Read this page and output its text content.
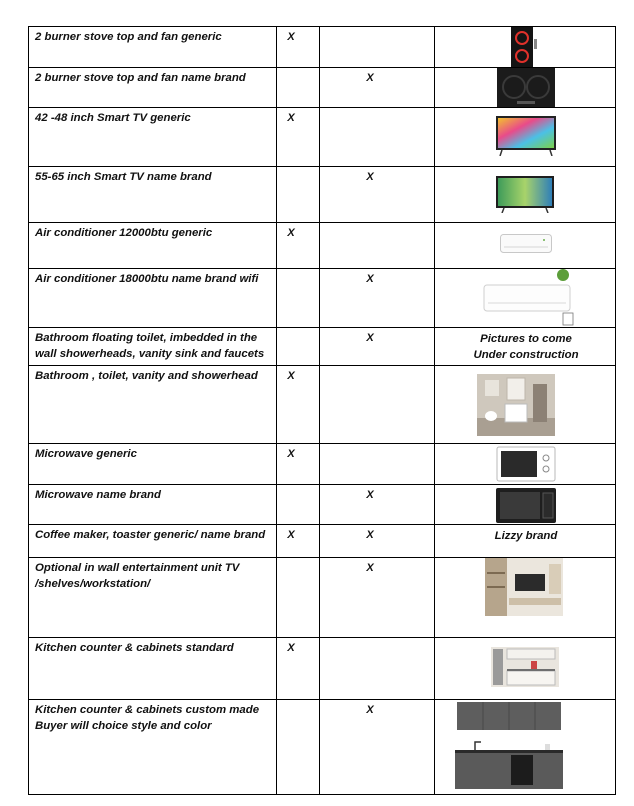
2 burner stove top and fan generic	X		

2 burner stove top and fan name brand		X	

42 -48 inch Smart TV generic	X		

55-65 inch Smart TV name brand		X	

Air conditioner 12000btu generic	X		

Air conditioner 18000btu name brand wifi		X	

Bathroom floating toilet, imbedded in the wall showerheads, vanity sink and faucets		X	Pictures to come Under construction

Bathroom , toilet, vanity and showerhead	X		

Microwave generic	X		

Microwave name brand		X	

Coffee maker, toaster generic/ name brand	X	X	Lizzy brand

Optional in wall entertainment unit TV /shelves/workstation/		X	

Kitchen counter & cabinets standard	X		

Kitchen counter & cabinets custom made Buyer will choice style and color		X	
